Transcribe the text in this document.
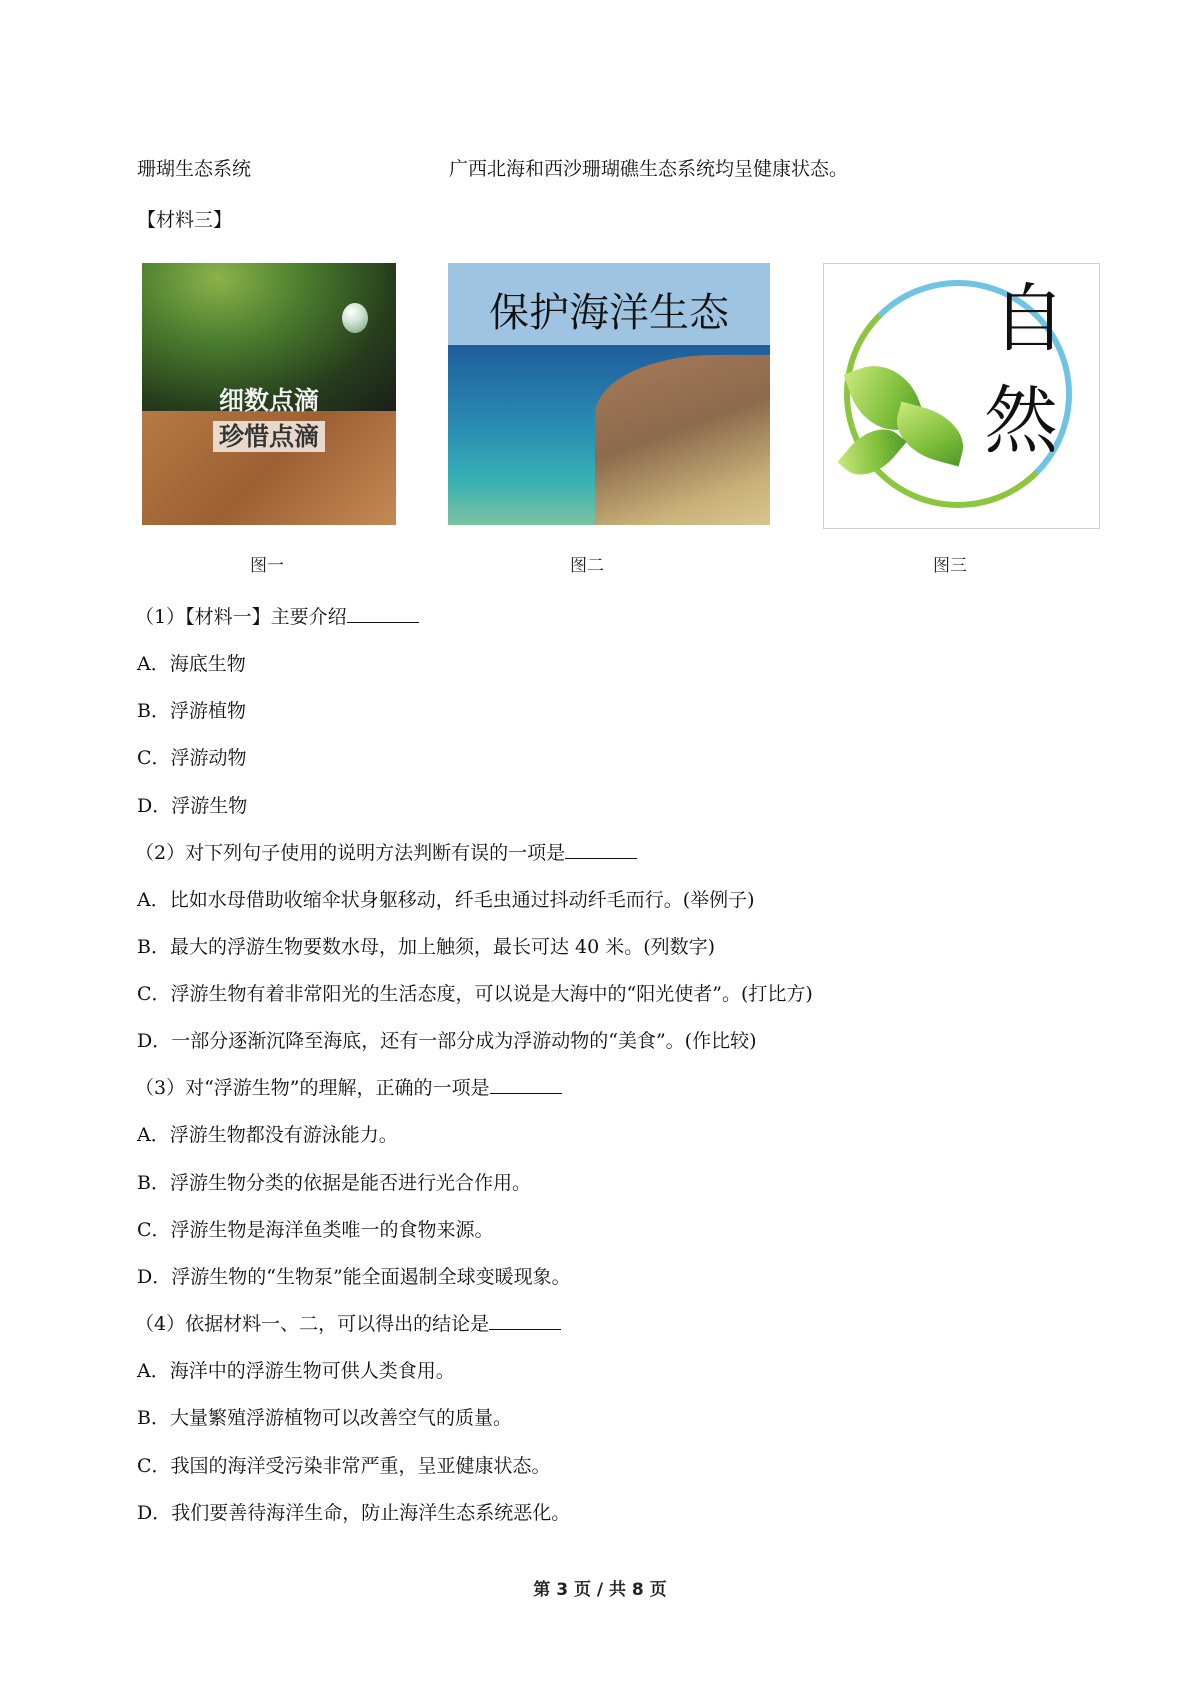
珊瑚生态系统	广西北海和西沙珊瑚礁生态系统均呈健康状态。
【材料三】
细数点滴
珍惜点滴
图一
保护海洋生态
图二
自
然
图三
（1）【材料一】主要介绍
A．海底生物
B．浮游植物
C．浮游动物
D．浮游生物
（2）对下列句子使用的说明方法判断有误的一项是
A．比如水母借助收缩伞状身躯移动，纤毛虫通过抖动纤毛而行。(举例子)
B．最大的浮游生物要数水母，加上触须，最长可达 40 米。(列数字)
C．浮游生物有着非常阳光的生活态度，可以说是大海中的“阳光使者”。(打比方)
D．一部分逐渐沉降至海底，还有一部分成为浮游动物的“美食”。(作比较)
（3）对“浮游生物”的理解，正确的一项是
A．浮游生物都没有游泳能力。
B．浮游生物分类的依据是能否进行光合作用。
C．浮游生物是海洋鱼类唯一的食物来源。
D．浮游生物的“生物泵”能全面遏制全球变暖现象。
（4）依据材料一、二，可以得出的结论是
A．海洋中的浮游生物可供人类食用。
B．大量繁殖浮游植物可以改善空气的质量。
C．我国的海洋受污染非常严重，呈亚健康状态。
D．我们要善待海洋生命，防止海洋生态系统恶化。
第 3 页 / 共 8 页
